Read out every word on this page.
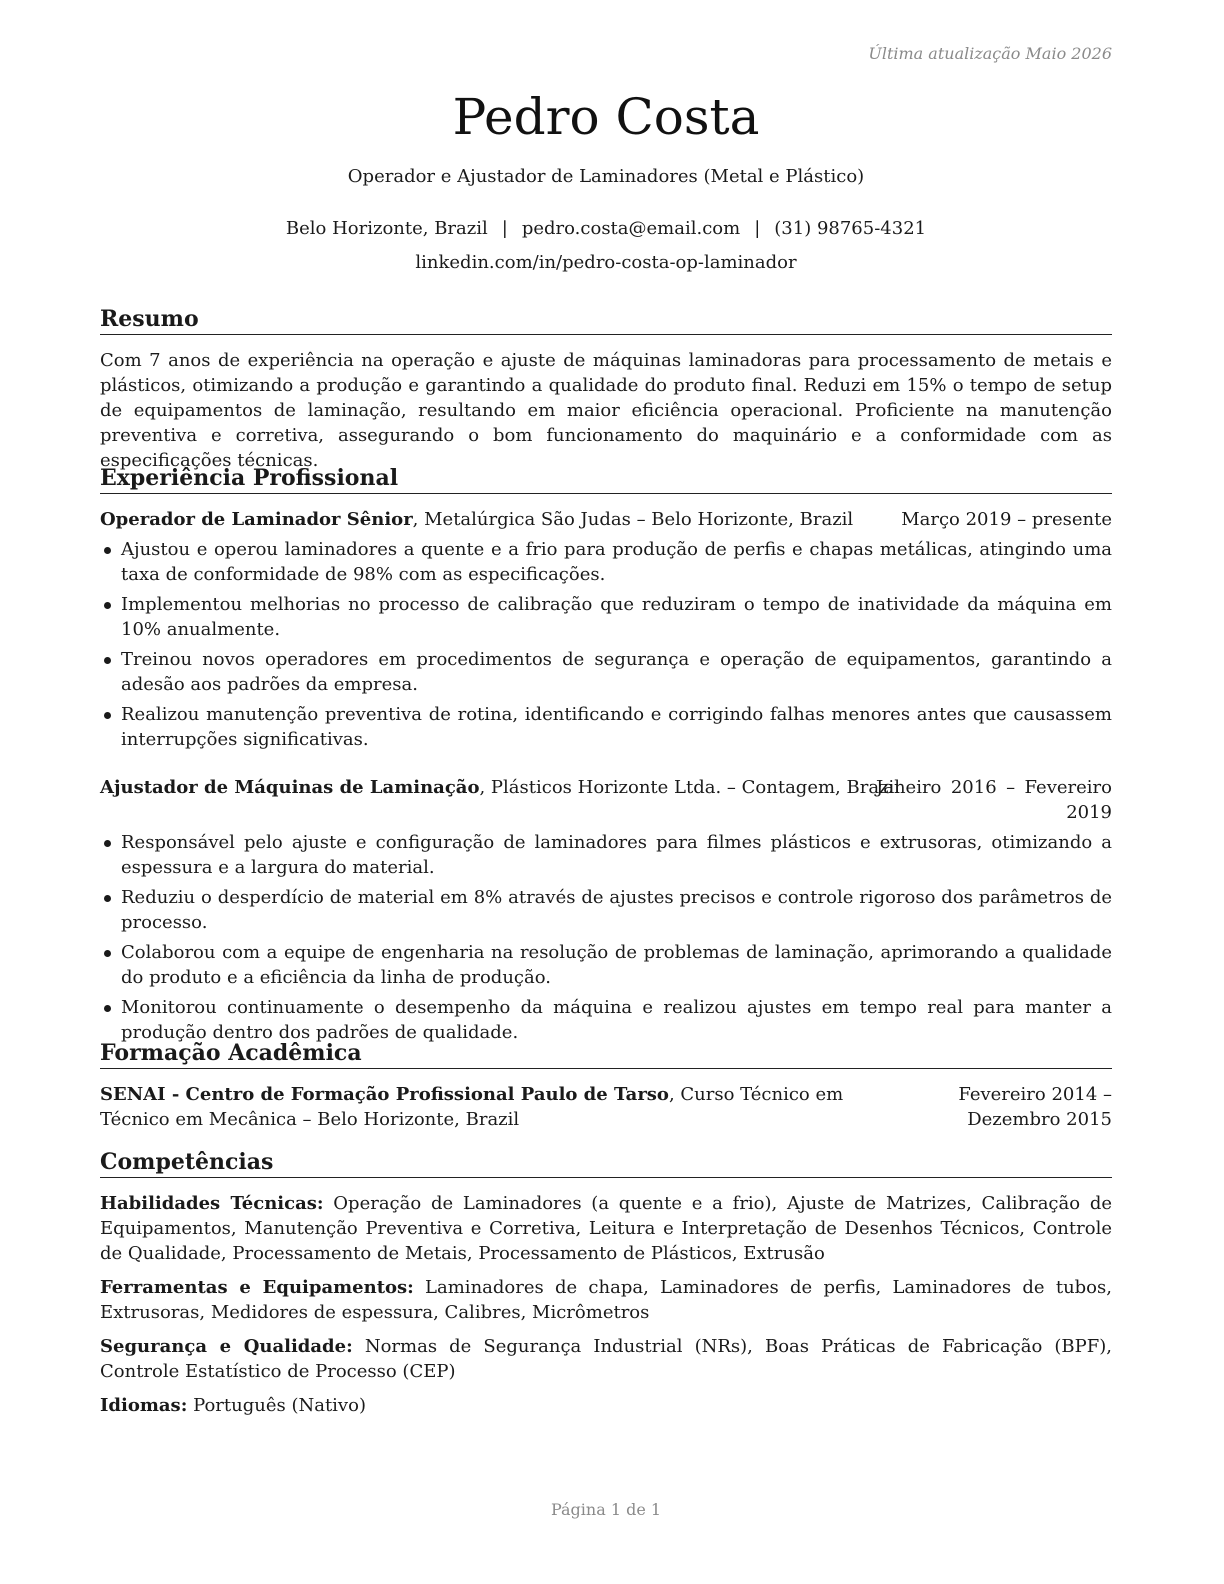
Última atualização Maio 2026
Pedro Costa
Operador e Ajustador de Laminadores (Metal e Plástico)
Belo Horizonte, Brazil | pedro.costa@email.com | (31) 98765-4321
linkedin.com/in/pedro-costa-op-laminador
Resumo
Com 7 anos de experiência na operação e ajuste de máquinas laminadoras para processamento de metais e plásticos, otimizando a produção e garantindo a qualidade do produto final. Reduzi em 15% o tempo de setup de equipamentos de laminação, resultando em maior eficiência operacional. Proficiente na manutenção preventiva e corretiva, assegurando o bom funcionamento do maquinário e a conformidade com as especificações técnicas.
Experiência Profissional
Operador de Laminador Sênior, Metalúrgica São Judas – Belo Horizonte, Brazil	Março 2019 – presente
Ajustou e operou laminadores a quente e a frio para produção de perfis e chapas metálicas, atingindo uma taxa de conformidade de 98% com as especificações.
Implementou melhorias no processo de calibração que reduziram o tempo de inatividade da máquina em 10% anualmente.
Treinou novos operadores em procedimentos de segurança e operação de equipamentos, garantindo a adesão aos padrões da empresa.
Realizou manutenção preventiva de rotina, identificando e corrigindo falhas menores antes que causassem interrupções significativas.
Ajustador de Máquinas de Laminação, Plásticos Horizonte Ltda. – Contagem, Brazil
Janeiro 2016 – Fevereiro 2019
Responsável pelo ajuste e configuração de laminadores para filmes plásticos e extrusoras, otimizando a espessura e a largura do material.
Reduziu o desperdício de material em 8% através de ajustes precisos e controle rigoroso dos parâmetros de processo.
Colaborou com a equipe de engenharia na resolução de problemas de laminação, aprimorando a qualidade do produto e a eficiência da linha de produção.
Monitorou continuamente o desempenho da máquina e realizou ajustes em tempo real para manter a produção dentro dos padrões de qualidade.
Formação Acadêmica
SENAI - Centro de Formação Profissional Paulo de Tarso, Curso Técnico em Técnico em Mecânica – Belo Horizonte, Brazil
Fevereiro 2014 – Dezembro 2015
Competências
Habilidades Técnicas: Operação de Laminadores (a quente e a frio), Ajuste de Matrizes, Calibração de Equipamentos, Manutenção Preventiva e Corretiva, Leitura e Interpretação de Desenhos Técnicos, Controle de Qualidade, Processamento de Metais, Processamento de Plásticos, Extrusão
Ferramentas e Equipamentos: Laminadores de chapa, Laminadores de perfis, Laminadores de tubos, Extrusoras, Medidores de espessura, Calibres, Micrômetros
Segurança e Qualidade: Normas de Segurança Industrial (NRs), Boas Práticas de Fabricação (BPF), Controle Estatístico de Processo (CEP)
Idiomas: Português (Nativo)
Página 1 de 1
